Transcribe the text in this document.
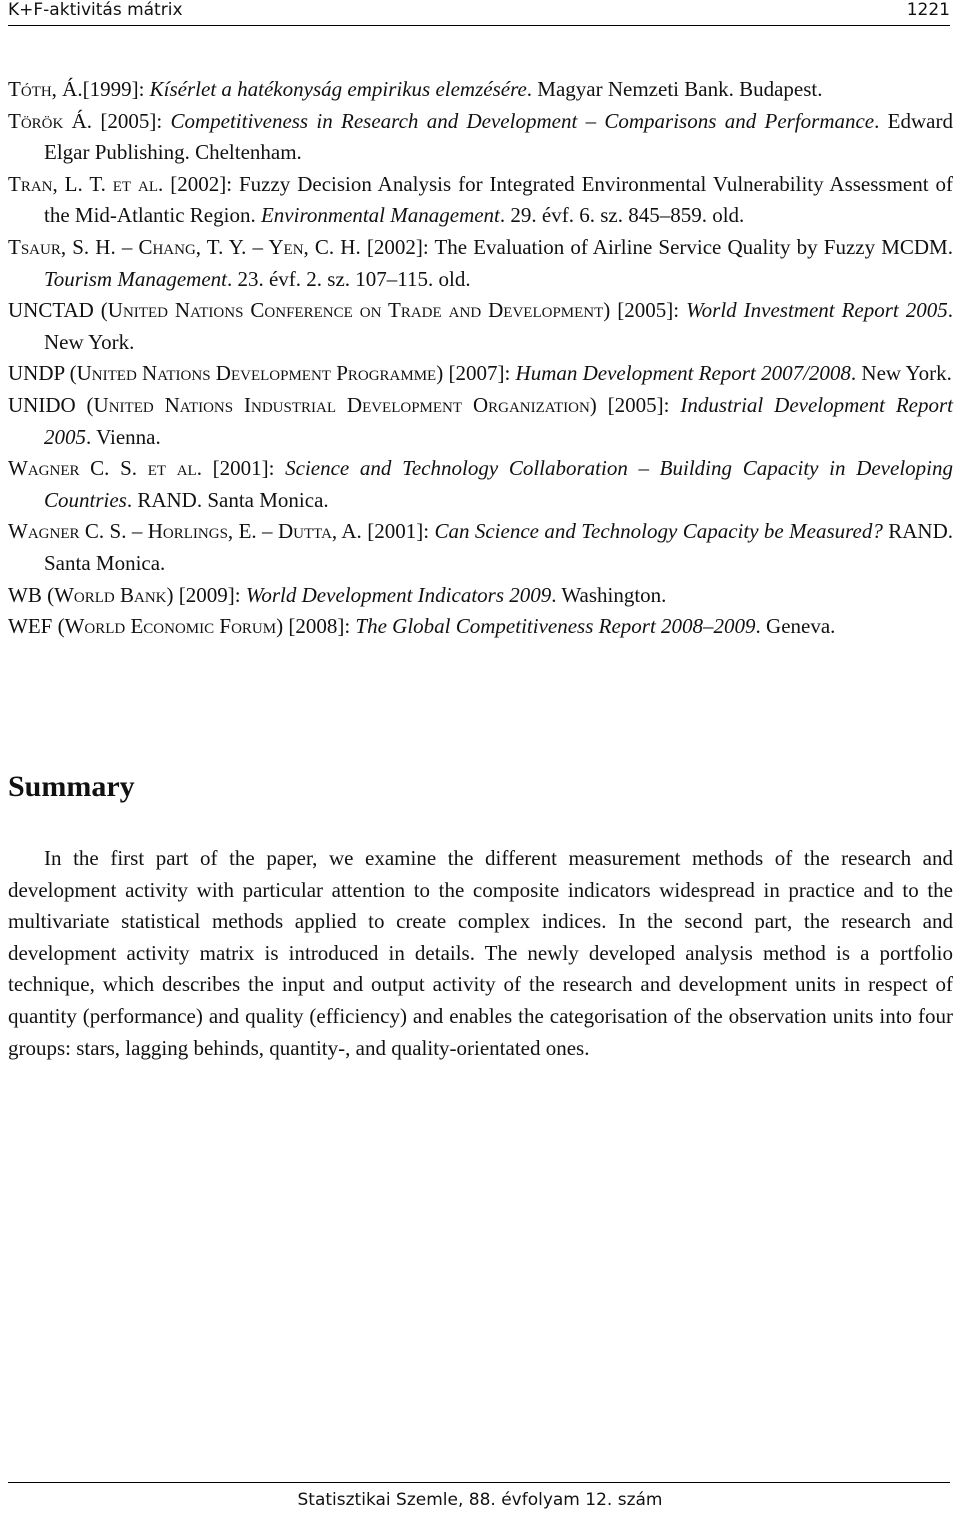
K+F-aktivitás mátrix	1221
Tóth, Á.[1999]: Kísérlet a hatékonyság empirikus elemzésére. Magyar Nemzeti Bank. Budapest.
Török Á. [2005]: Competitiveness in Research and Development – Comparisons and Performance. Edward Elgar Publishing. Cheltenham.
Tran, L. T. et al. [2002]: Fuzzy Decision Analysis for Integrated Environmental Vulnerability Assessment of the Mid-Atlantic Region. Environmental Management. 29. évf. 6. sz. 845–859. old.
Tsaur, S. H. – Chang, T. Y. – Yen, C. H. [2002]: The Evaluation of Airline Service Quality by Fuzzy MCDM. Tourism Management. 23. évf. 2. sz. 107–115. old.
UNCTAD (United Nations Conference on Trade and Development) [2005]: World Investment Report 2005. New York.
UNDP (United Nations Development Programme) [2007]: Human Development Report 2007/2008. New York.
UNIDO (United Nations Industrial Development Organization) [2005]: Industrial Development Report 2005. Vienna.
Wagner C. S. et al. [2001]: Science and Technology Collaboration – Building Capacity in Developing Countries. RAND. Santa Monica.
Wagner C. S. – Horlings, E. – Dutta, A. [2001]: Can Science and Technology Capacity be Measured? RAND. Santa Monica.
WB (World Bank) [2009]: World Development Indicators 2009. Washington.
WEF (World Economic Forum) [2008]: The Global Competitiveness Report 2008–2009. Geneva.
Summary

In the first part of the paper, we examine the different measurement methods of the research and development activity with particular attention to the composite indicators widespread in practice and to the multivariate statistical methods applied to create complex indices. In the second part, the research and development activity matrix is introduced in details. The newly developed analysis method is a portfolio technique, which describes the input and output activity of the research and development units in respect of quantity (performance) and quality (efficiency) and enables the categorisation of the observation units into four groups: stars, lagging behinds, quantity-, and quality-orientated ones.

Statisztikai Szemle, 88. évfolyam 12. szám
